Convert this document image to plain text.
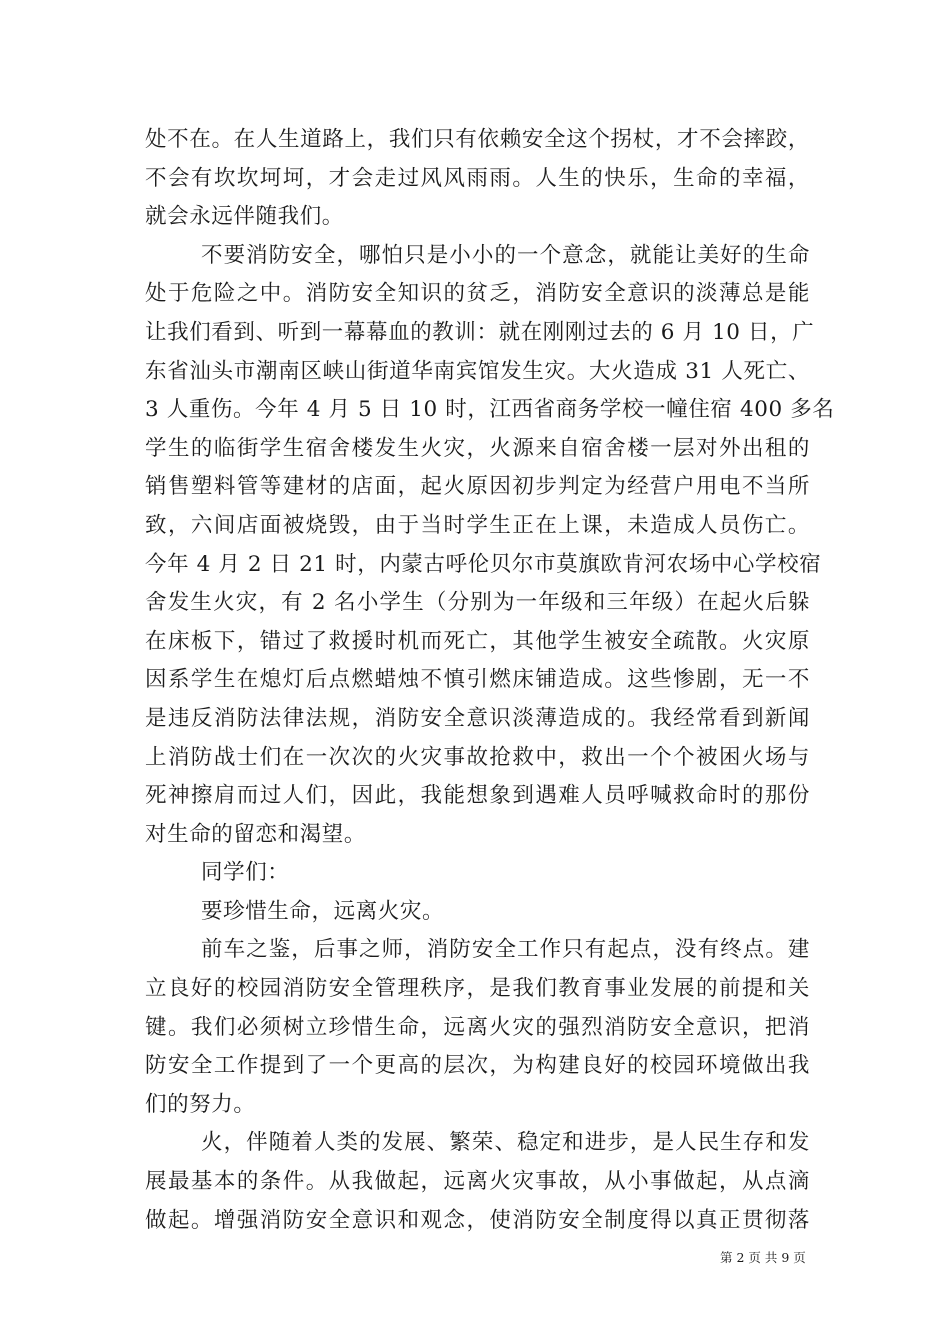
处不在。在人生道路上，我们只有依赖安全这个拐杖，才不会摔跤，
不会有坎坎坷坷，才会走过风风雨雨。人生的快乐，生命的幸福，
就会永远伴随我们。
不要消防安全，哪怕只是小小的一个意念，就能让美好的生命
处于危险之中。消防安全知识的贫乏，消防安全意识的淡薄总是能
让我们看到、听到一幕幕血的教训：就在刚刚过去的 6 月 10 日，广
东省汕头市潮南区峡山街道华南宾馆发生灾。大火造成 31 人死亡、
3 人重伤。今年 4 月 5 日 10 时，江西省商务学校一幢住宿 400 多名
学生的临街学生宿舍楼发生火灾，火源来自宿舍楼一层对外出租的
销售塑料管等建材的店面，起火原因初步判定为经营户用电不当所
致，六间店面被烧毁，由于当时学生正在上课，未造成人员伤亡。
今年 4 月 2 日 21 时，内蒙古呼伦贝尔市莫旗欧肯河农场中心学校宿
舍发生火灾，有 2 名小学生（分别为一年级和三年级）在起火后躲
在床板下，错过了救援时机而死亡，其他学生被安全疏散。火灾原
因系学生在熄灯后点燃蜡烛不慎引燃床铺造成。这些惨剧，无一不
是违反消防法律法规，消防安全意识淡薄造成的。我经常看到新闻
上消防战士们在一次次的火灾事故抢救中，救出一个个被困火场与
死神擦肩而过人们，因此，我能想象到遇难人员呼喊救命时的那份
对生命的留恋和渴望。
同学们：
要珍惜生命，远离火灾。
前车之鉴，后事之师，消防安全工作只有起点，没有终点。建
立良好的校园消防安全管理秩序，是我们教育事业发展的前提和关
键。我们必须树立珍惜生命，远离火灾的强烈消防安全意识，把消
防安全工作提到了一个更高的层次，为构建良好的校园环境做出我
们的努力。
火，伴随着人类的发展、繁荣、稳定和进步，是人民生存和发
展最基本的条件。从我做起，远离火灾事故，从小事做起，从点滴
做起。增强消防安全意识和观念，使消防安全制度得以真正贯彻落
第 2 页 共 9 页
